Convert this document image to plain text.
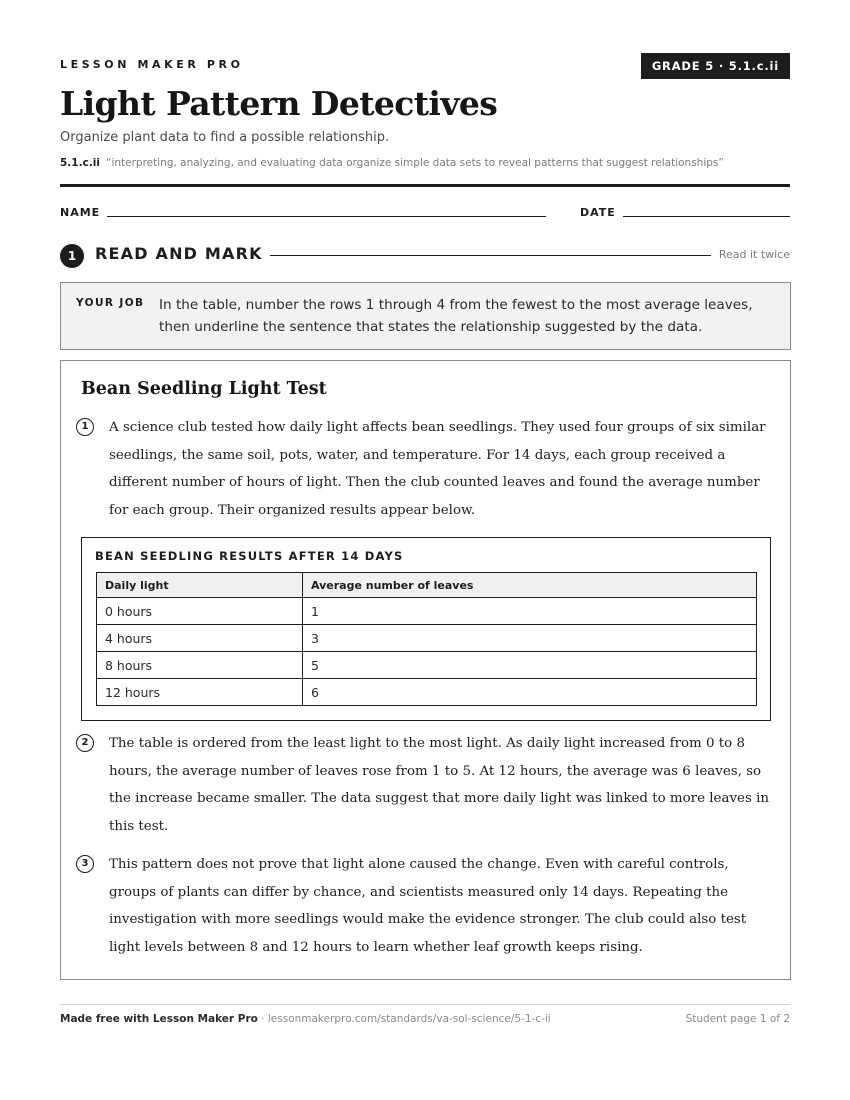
LESSON MAKER PRO	GRADE 5 · 5.1.c.ii
Light Pattern Detectives
Organize plant data to find a possible relationship.
5.1.c.ii “interpreting, analyzing, and evaluating data organize simple data sets to reveal patterns that suggest relationships”
NAME	DATE
1	READ AND MARK	Read it twice
YOUR JOB In the table, number the rows 1 through 4 from the fewest to the most average leaves, then underline the sentence that states the relationship suggested by the data.
Bean Seedling Light Test
1	A science club tested how daily light affects bean seedlings. They used four groups of six similar seedlings, the same soil, pots, water, and temperature. For 14 days, each group received a different number of hours of light. Then the club counted leaves and found the average number for each group. Their organized results appear below.
BEAN SEEDLING RESULTS AFTER 14 DAYS
Daily light	Average number of leaves
0 hours	1
4 hours	3
8 hours	5
12 hours	6
2	The table is ordered from the least light to the most light. As daily light increased from 0 to 8 hours, the average number of leaves rose from 1 to 5. At 12 hours, the average was 6 leaves, so the increase became smaller. The data suggest that more daily light was linked to more leaves in this test.
3	This pattern does not prove that light alone caused the change. Even with careful controls, groups of plants can differ by chance, and scientists measured only 14 days. Repeating the investigation with more seedlings would make the evidence stronger. The club could also test light levels between 8 and 12 hours to learn whether leaf growth keeps rising.
Made free with Lesson Maker Pro · lessonmakerpro.com/standards/va-sol-science/5-1-c-ii	Student page 1 of 2
